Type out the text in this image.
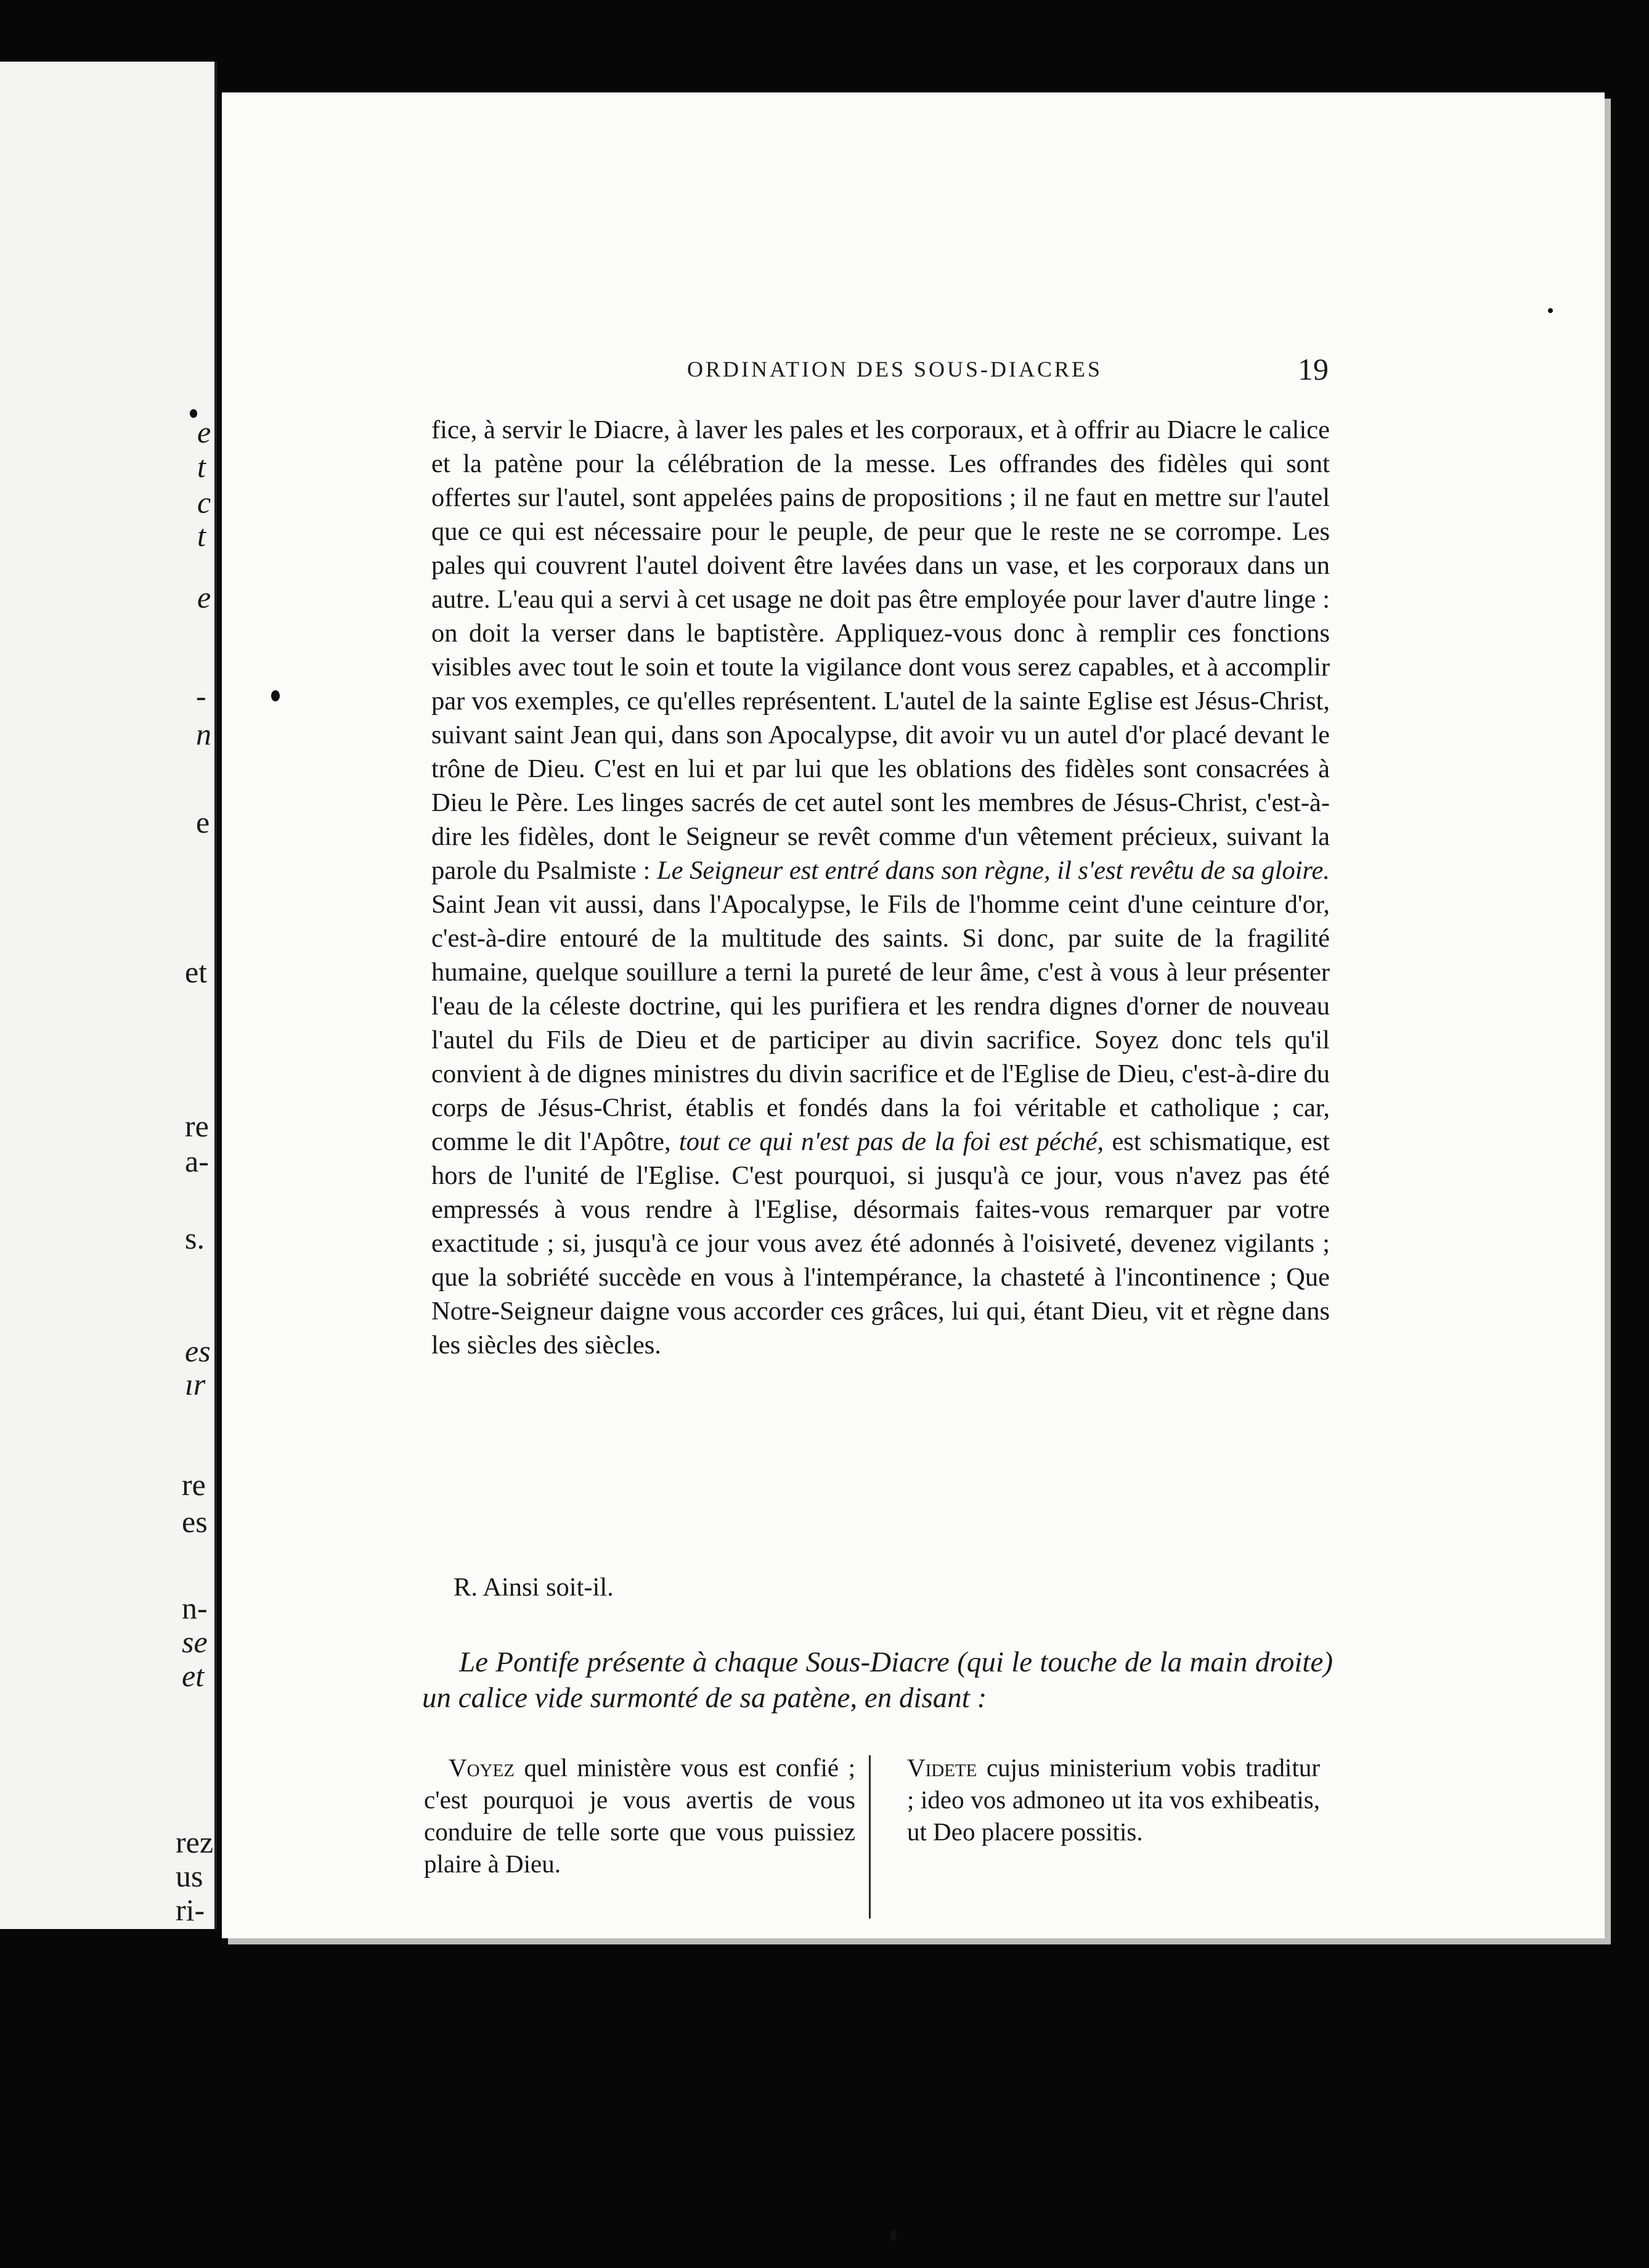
e
t
c
t
e
-
n
e
et
re
a-
s.
es
ır
re
es
n-
se
et
rez
us
ri-
ORDINATION DES SOUS-DIACRES	19
fice, à servir le Diacre, à laver les pales et les corporaux, et à offrir au Diacre le calice et la patène pour la célébration de la messe. Les offrandes des fidèles qui sont offertes sur l'autel, sont appelées pains de propositions ; il ne faut en mettre sur l'autel que ce qui est nécessaire pour le peuple, de peur que le reste ne se corrompe. Les pales qui couvrent l'autel doivent être lavées dans un vase, et les corporaux dans un autre. L'eau qui a servi à cet usage ne doit pas être employée pour laver d'autre linge : on doit la verser dans le baptistère. Appliquez-vous donc à remplir ces fonctions visibles avec tout le soin et toute la vigilance dont vous serez capables, et à accomplir par vos exemples, ce qu'elles représentent. L'autel de la sainte Eglise est Jésus-Christ, suivant saint Jean qui, dans son Apocalypse, dit avoir vu un autel d'or placé devant le trône de Dieu. C'est en lui et par lui que les oblations des fidèles sont consacrées à Dieu le Père. Les linges sacrés de cet autel sont les membres de Jésus-Christ, c'est-à-dire les fidèles, dont le Seigneur se revêt comme d'un vêtement précieux, suivant la parole du Psalmiste : Le Seigneur est entré dans son règne, il s'est revêtu de sa gloire. Saint Jean vit aussi, dans l'Apocalypse, le Fils de l'homme ceint d'une ceinture d'or, c'est-à-dire entouré de la multitude des saints. Si donc, par suite de la fragilité humaine, quelque souillure a terni la pureté de leur âme, c'est à vous à leur présenter l'eau de la céleste doctrine, qui les purifiera et les rendra dignes d'orner de nouveau l'autel du Fils de Dieu et de participer au divin sacrifice. Soyez donc tels qu'il convient à de dignes ministres du divin sacrifice et de l'Eglise de Dieu, c'est-à-dire du corps de Jésus-Christ, établis et fondés dans la foi véritable et catholique ; car, comme le dit l'Apôtre, tout ce qui n'est pas de la foi est péché, est schismatique, est hors de l'unité de l'Eglise. C'est pourquoi, si jusqu'à ce jour, vous n'avez pas été empressés à vous rendre à l'Eglise, désormais faites-vous remarquer par votre exactitude ; si, jusqu'à ce jour vous avez été adonnés à l'oisiveté, devenez vigilants ; que la sobriété succède en vous à l'intempérance, la chasteté à l'incontinence ; Que Notre-Seigneur daigne vous accorder ces grâces, lui qui, étant Dieu, vit et règne dans les siècles des siècles.
R. Ainsi soit-il.
Le Pontife présente à chaque Sous-Diacre (qui le touche de la main droite) un calice vide surmonté de sa patène, en disant :
Voyez quel ministère vous est confié ; c'est pourquoi je vous avertis de vous conduire de telle sorte que vous puissiez plaire à Dieu.
Videte cujus ministerium vobis traditur ; ideo vos admoneo ut ita vos exhibeatis, ut Deo placere possitis.
